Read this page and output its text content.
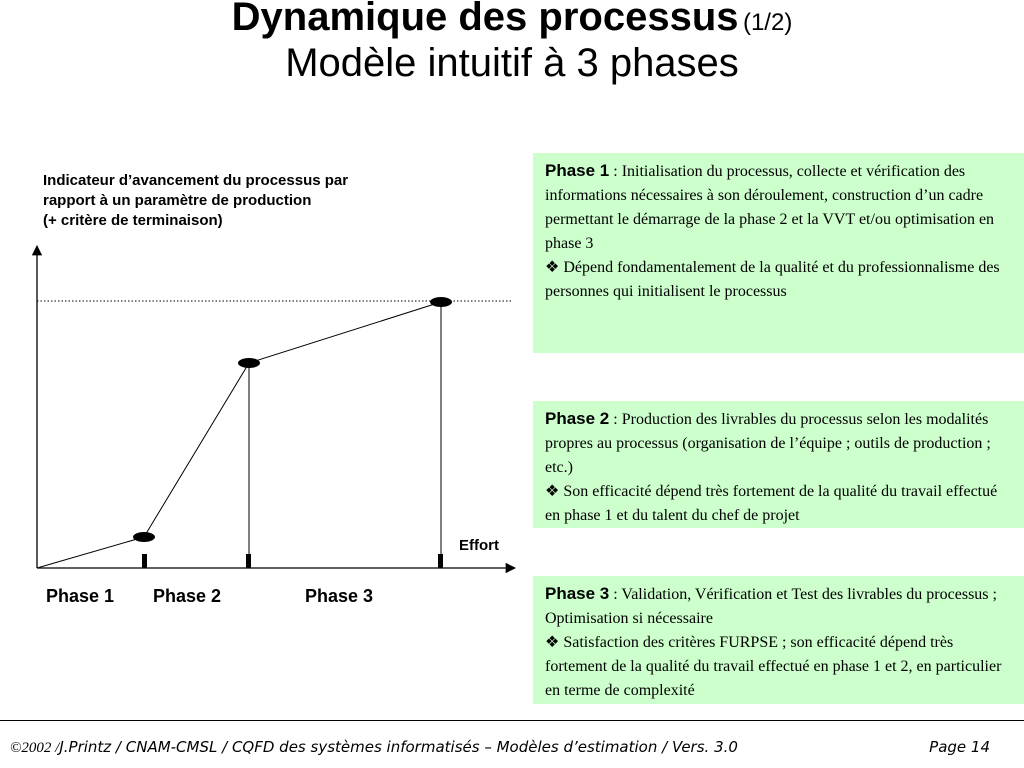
Dynamique des processus (1/2)
Modèle intuitif à 3 phases
Indicateur d’avancement du processus par
rapport à un paramètre de production
(+ critère de terminaison)
Effort
Phase 1 Phase 2	Phase 3
Phase 1 : Initialisation du processus, collecte et vérification des informations nécessaires à son déroulement, construction d’un cadre permettant le démarrage de la phase 2 et la VVT et/ou optimisation en phase 3
❖ Dépend fondamentalement de la qualité et du professionnalisme des personnes qui initialisent le processus
Phase 2 : Production des livrables du processus selon les modalités propres au processus (organisation de l’équipe ; outils de production ; etc.)
❖ Son efficacité dépend très fortement de la qualité du travail effectué en phase 1 et du talent du chef de projet
Phase 3 : Validation, Vérification et Test des livrables du processus ; Optimisation si nécessaire
❖ Satisfaction des critères FURPSE ; son efficacité dépend très fortement de la qualité du travail effectué en phase 1 et 2, en particulier en terme de complexité
©2002 /J.Printz / CNAM-CMSL / CQFD des systèmes informatisés – Modèles d’estimation / Vers. 3.0	Page 14
